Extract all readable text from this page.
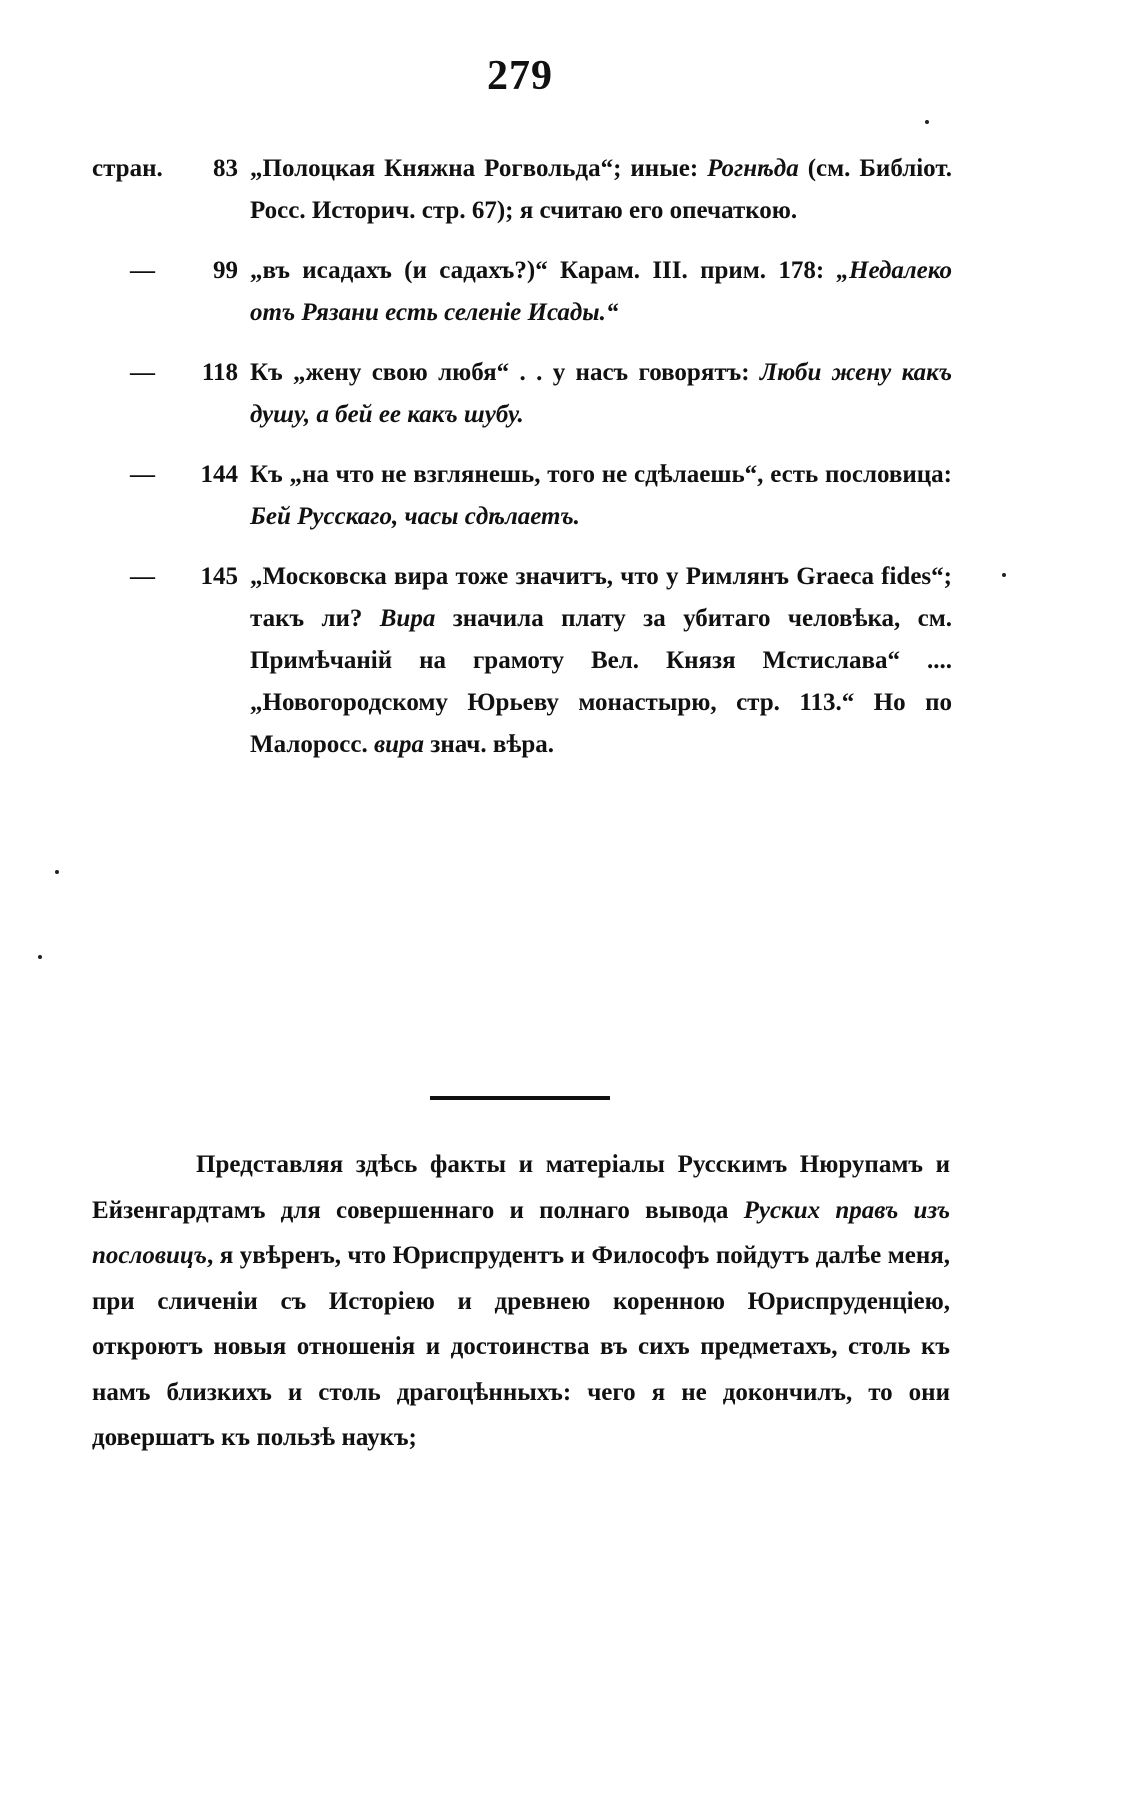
279
стран.	83 „Полоцкая Княжна Рогвольда“; иные: Рогнѣда (см. Библіот. Росс. Историч. стр. 67); я считаю его опечаткою.
—	99 „въ исадахъ (и садахъ?)“ Карам. III. прим. 178: „Недалеко отъ Рязани есть селеніе Исады.“
—	118 Къ „жену свою любя“ . . у насъ говорятъ: Люби жену какъ душу, а бей ее какъ шубу.
—	144 Къ „на что не взглянешь, того не сдѣлаешь“, есть пословица: Бей Русскаго, часы сдѣлаетъ.
—	145 „Московска вира тоже значитъ, что у Римлянъ Graeca fides“; такъ ли? Вира значила плату за убитаго человѣка, см. Примѣчаній на грамоту Вел. Князя Мстислава“ .... „Новогородскому Юрьеву монастырю, стр. 113.“ Но по Малоросс. вира знач. вѣра.
Представляя здѣсь факты и матеріалы Русскимъ Нюрупамъ и Ейзенгардтамъ для совершеннаго и полнаго вывода Руских правъ изъ пословицъ, я увѣренъ, что Юриспрудентъ и Философъ пойдутъ далѣе меня, при сличеніи съ Исторіею и древнею коренною Юриспруденціею, откроютъ новыя отношенія и достоинства въ сихъ предметахъ, столь къ намъ близкихъ и столь драгоцѣнныхъ: чего я не докончилъ, то они довершатъ къ пользѣ наукъ;
